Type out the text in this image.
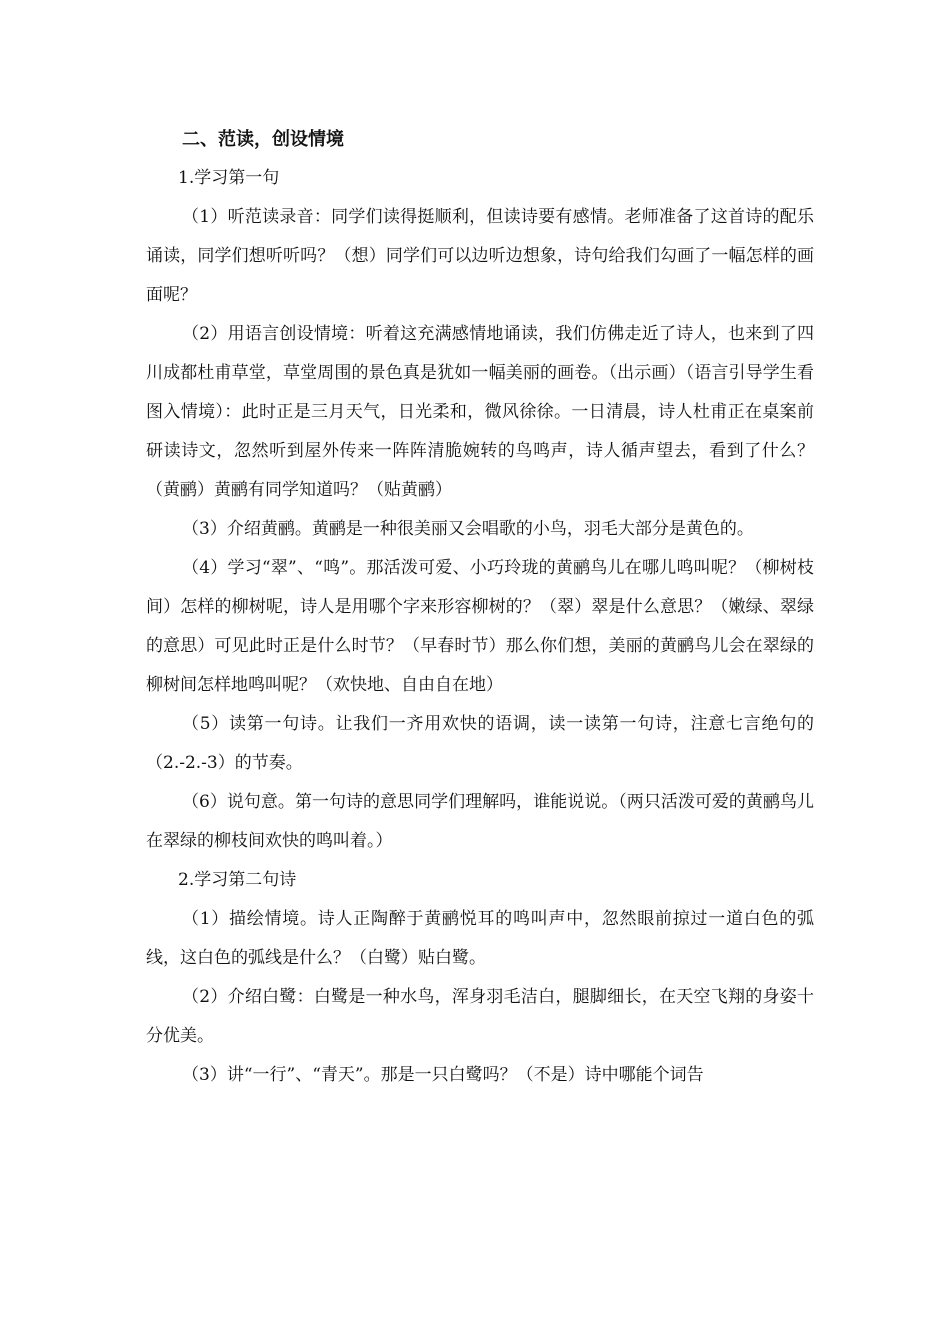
二、范读，创设情境
1.学习第一句

（1）听范读录音：同学们读得挺顺利，但读诗要有感情。老师准备了这首诗的配乐诵读，同学们想听听吗？（想）同学们可以边听边想象，诗句给我们勾画了一幅怎样的画面呢？

（2）用语言创设情境：听着这充满感情地诵读，我们仿佛走近了诗人，也来到了四川成都杜甫草堂，草堂周围的景色真是犹如一幅美丽的画卷。（出示画）（语言引导学生看图入情境）：此时正是三月天气，日光柔和，微风徐徐。一日清晨，诗人杜甫正在桌案前研读诗文，忽然听到屋外传来一阵阵清脆婉转的鸟鸣声，诗人循声望去，看到了什么？（黄鹂）黄鹂有同学知道吗？（贴黄鹂）

（3）介绍黄鹂。黄鹂是一种很美丽又会唱歌的小鸟，羽毛大部分是黄色的。

（4）学习“翠”、“鸣”。那活泼可爱、小巧玲珑的黄鹂鸟儿在哪儿鸣叫呢？（柳树枝间）怎样的柳树呢，诗人是用哪个字来形容柳树的？（翠）翠是什么意思？（嫩绿、翠绿的意思）可见此时正是什么时节？（早春时节）那么你们想，美丽的黄鹂鸟儿会在翠绿的柳树间怎样地鸣叫呢？（欢快地、自由自在地）

（5）读第一句诗。让我们一齐用欢快的语调，读一读第一句诗，注意七言绝句的（2.-2.-3）的节奏。

（6）说句意。第一句诗的意思同学们理解吗，谁能说说。（两只活泼可爱的黄鹂鸟儿在翠绿的柳枝间欢快的鸣叫着。）

2.学习第二句诗

（1）描绘情境。诗人正陶醉于黄鹂悦耳的鸣叫声中，忽然眼前掠过一道白色的弧线，这白色的弧线是什么？（白鹭）贴白鹭。

（2）介绍白鹭：白鹭是一种水鸟，浑身羽毛洁白，腿脚细长，在天空飞翔的身姿十分优美。

（3）讲“一行”、“青天”。那是一只白鹭吗？（不是）诗中哪能个词告
